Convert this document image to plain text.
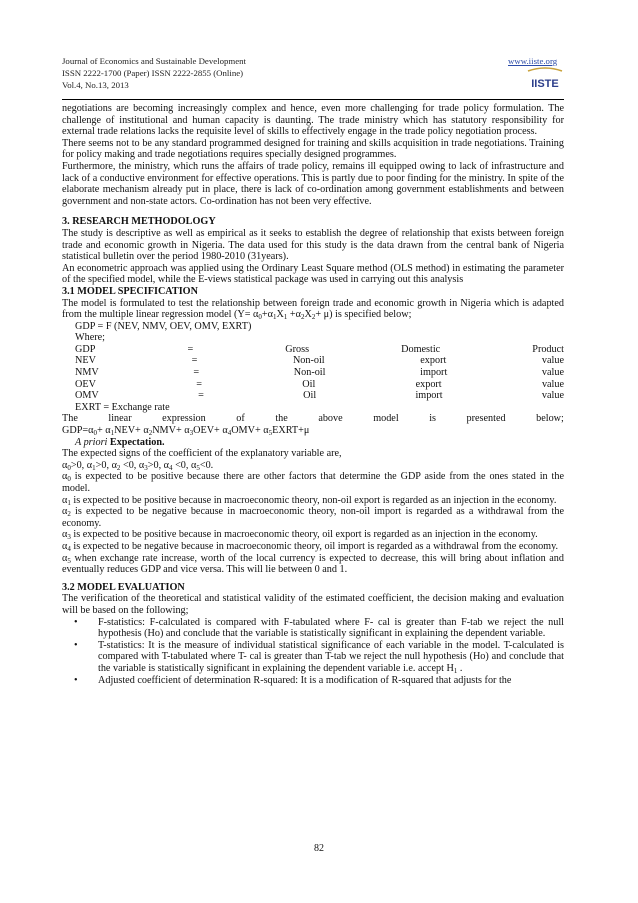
Journal of Economics and Sustainable Development
ISSN 2222-1700 (Paper) ISSN 2222-2855 (Online)
Vol.4, No.13, 2013
www.iiste.org
IISTE

negotiations are becoming increasingly complex and hence, even more challenging for trade policy formulation. The challenge of institutional and human capacity is daunting. The trade ministry which has statutory responsibility for external trade relations lacks the requisite level of skills to effectively engage in the trade policy negotiation process.

There seems not to be any standard programmed designed for training and skills acquisition in trade negotiations. Training for policy making and trade negotiations requires specially designed programmes.

Furthermore, the ministry, which runs the affairs of trade policy, remains ill equipped owing to lack of infrastructure and lack of a conductive environment for effective operations. This is partly due to poor finding for the ministry. In spite of the elaborate mechanism already put in place, there is lack of co-ordination among government establishments and between government and non-state actors. Co-ordination has not been very effective.

3. RESEARCH METHODOLOGY

The study is descriptive as well as empirical as it seeks to establish the degree of relationship that exists between foreign trade and economic growth in Nigeria. The data used for this study is the data drawn from the central bank of Nigeria statistical bulletin over the period 1980-2010 (31years).

An econometric approach was applied using the Ordinary Least Square method (OLS method) in estimating the parameter of the specified model, while the E-views statistical package was used in carrying out this analysis

3.1 MODEL SPECIFICATION

The model is formulated to test the relationship between foreign trade and economic growth in Nigeria which is adapted from the multiple linear regression model $(Y= \alpha_0+\alpha_1X_1 +\alpha_2X_2+ \mu)$ is specified below;

GDP = F (NEV, NMV, OEV, OMV, EXRT)

Where;

GDP	=	Gross	Domestic	Product
NEV	=	Non-oil	export	value
NMV	=	Non-oil	import	value
OEV	=	Oil	export	value
OMV	=	Oil	import	value

EXRT = Exchange rate

The	linear	expression	of	the	above	model	is	presented	below;

$GDP=\alpha_0+ \alpha_1NEV+ \alpha_2NMV+ \alpha_3OEV+ \alpha_4OMV+$ $\alpha_5EXRT+\mu$

A priori Expectation.

The expected signs of the coefficient of the explanatory variable are,

$\alpha_0>0$, $\alpha_1>0$, $\alpha_2 <0$, $\alpha_3>0$, $\alpha_4 <0$, $\alpha_5<0$.

$\alpha_0$ is expected to be positive because there are other factors that determine the GDP aside from the ones stated in the model.

$\alpha_1$ is expected to be positive because in macroeconomic theory, non-oil export is regarded as an injection in the economy.

$\alpha_2$ is expected to be negative because in macroeconomic theory, non-oil import is regarded as a withdrawal from the economy.

$\alpha_3$ is expected to be positive because in macroeconomic theory, oil export is regarded as an injection in the economy.

$\alpha_4$ is expected to be negative because in macroeconomic theory, oil import is regarded as a withdrawal from the economy.

$\alpha_5$ when exchange rate increase, worth of the local currency is expected to decrease, this will bring about inflation and eventually reduces GDP and vice versa. This will lie between 0 and 1.

3.2 MODEL EVALUATION

The verification of the theoretical and statistical validity of the estimated coefficient, the decision making and evaluation will be based on the following;

• F-statistics: F-calculated is compared with F-tabulated where F- cal is greater than F-tab we reject the null hypothesis (Ho) and conclude that the variable is statistically significant in explaining the dependent variable.
• T-statistics: It is the measure of individual statistical significance of each variable in the model. T-calculated is compared with T-tabulated where T- cal is greater than T-tab we reject the null hypothesis (Ho) and conclude that the variable is statistically significant in explaining the dependent variable i.e. accept $H_1$ .
• Adjusted coefficient of determination R-squared: It is a modification of R-squared that adjusts for the
82
